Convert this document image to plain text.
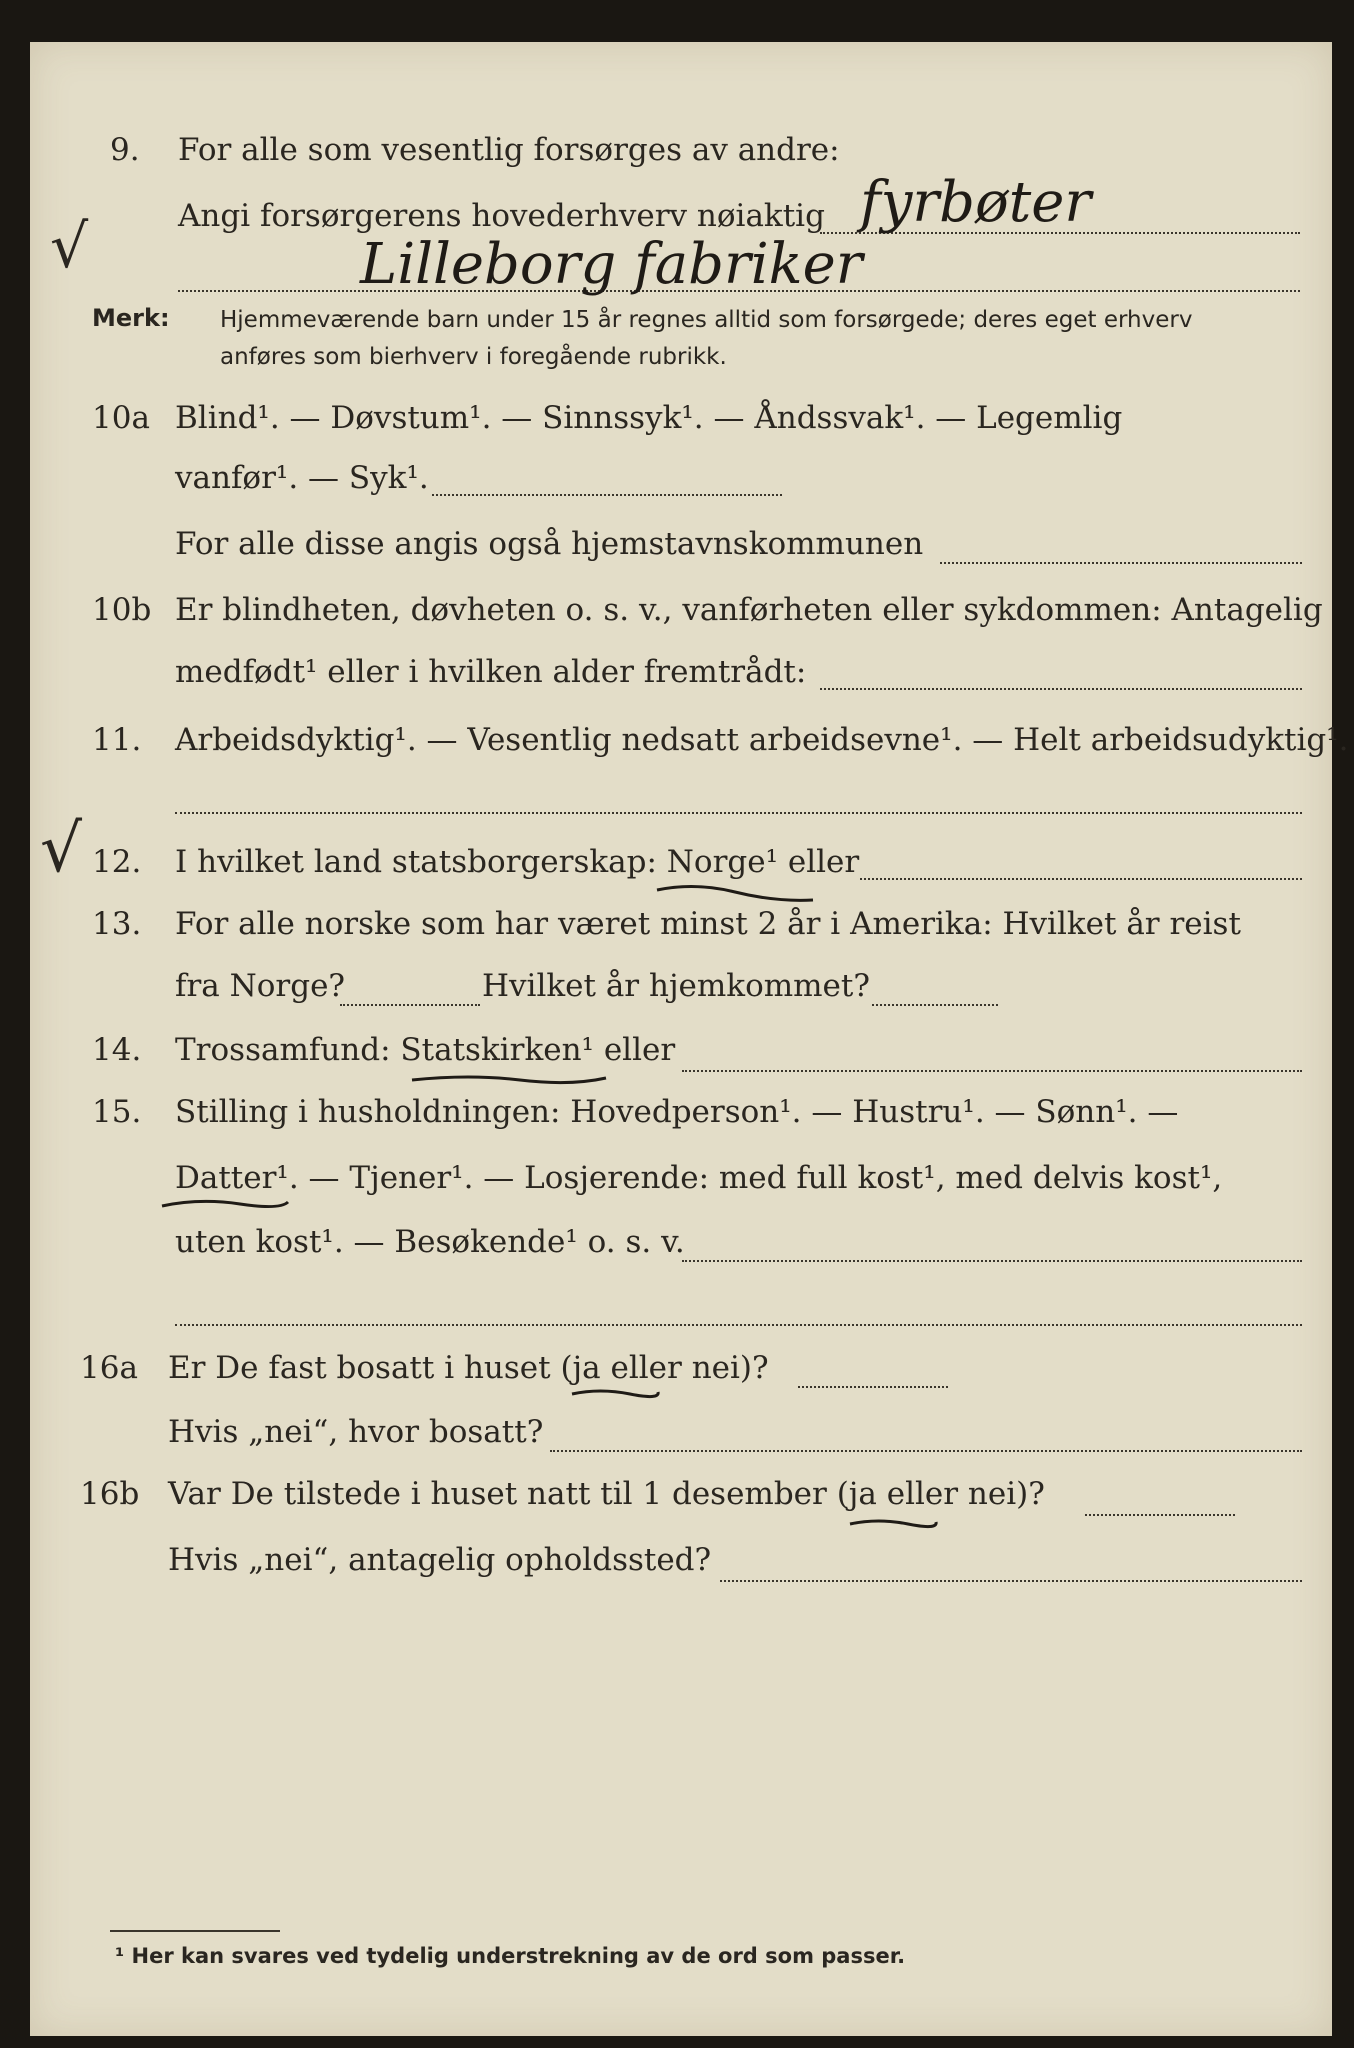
9. For alle som vesentlig forsørges av andre:
Angi forsørgerens hovederhverv nøiaktig fyrbøter
Lilleborg fabriker
√
Merk: Hjemmeværende barn under 15 år regnes alltid som forsørgede; deres eget erhverv
anføres som bierhverv i foregående rubrikk.
10a Blind¹. — Døvstum¹. — Sinnssyk¹. — Åndssvak¹. — Legemlig
vanfør¹. — Syk¹.
For alle disse angis også hjemstavnskommunen
10b Er blindheten, døvheten o. s. v., vanførheten eller sykdommen: Antagelig
medfødt¹ eller i hvilken alder fremtrådt:
11. Arbeidsdyktig¹. — Vesentlig nedsatt arbeidsevne¹. — Helt arbeidsudyktig¹.
12. I hvilket land statsborgerskap: Norge¹ eller
√
13. For alle norske som har været minst 2 år i Amerika: Hvilket år reist
fra Norge?	Hvilket år hjemkommet?
14. Trossamfund: Statskirken¹ eller
15. Stilling i husholdningen: Hovedperson¹. — Hustru¹. — Sønn¹. —
Datter¹. — Tjener¹. — Losjerende: med full kost¹, med delvis kost¹,
uten kost¹. — Besøkende¹ o. s. v.
16a Er De fast bosatt i huset (ja eller nei)?
Hvis „nei“, hvor bosatt?
16b Var De tilstede i huset natt til 1 desember (ja eller nei)?
Hvis „nei“, antagelig opholdssted?
¹ Her kan svares ved tydelig understrekning av de ord som passer.
